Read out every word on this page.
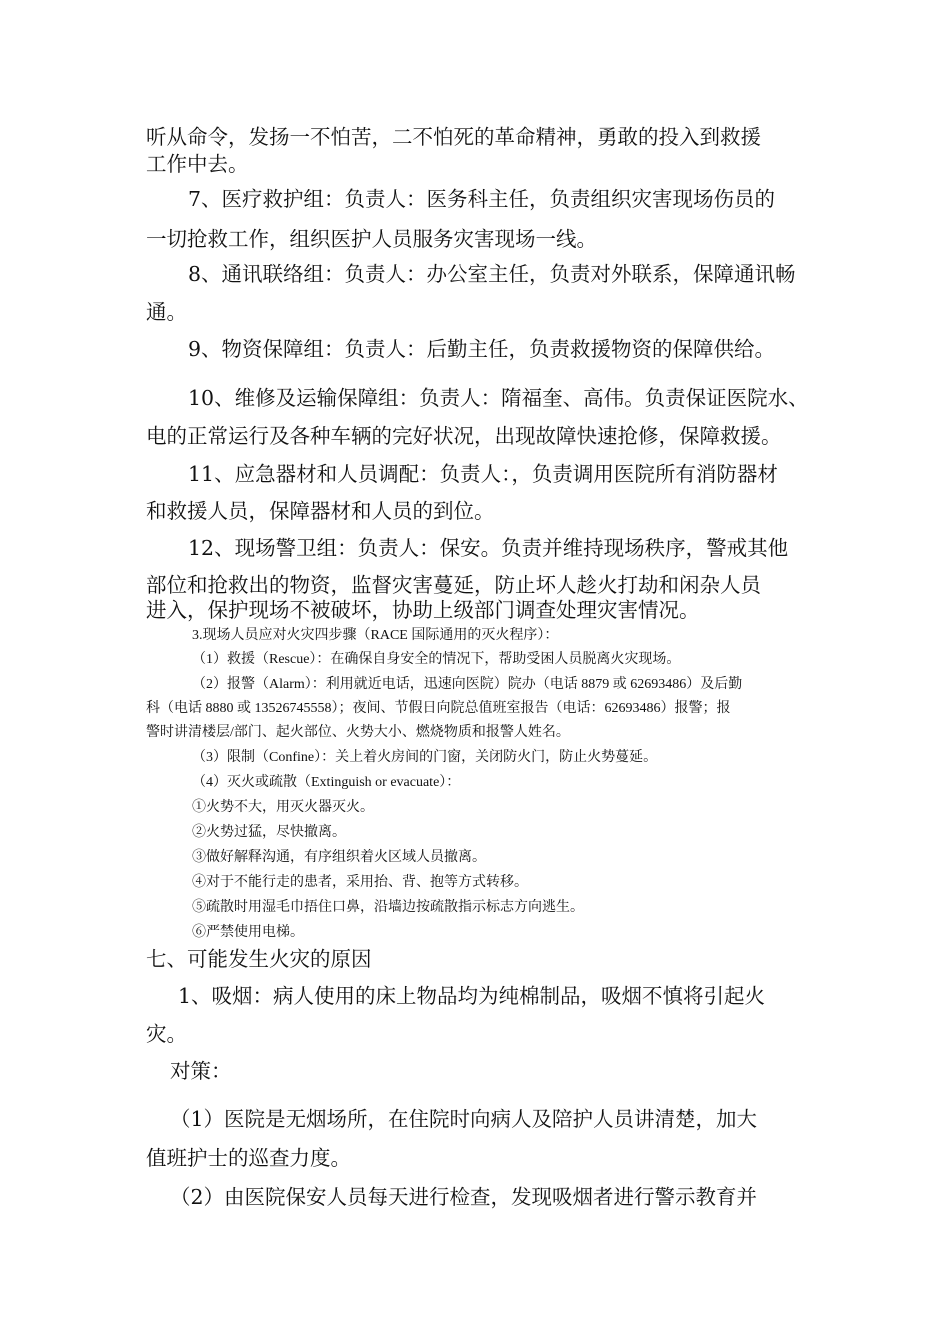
听从命令，发扬一不怕苦，二不怕死的革命精神，勇敢的投入到救援

工作中去。

7、医疗救护组：负责人：医务科主任，负责组织灾害现场伤员的

一切抢救工作，组织医护人员服务灾害现场一线。

8、通讯联络组：负责人：办公室主任，负责对外联系，保障通讯畅

通。

9、物资保障组：负责人：后勤主任，负责救援物资的保障供给。

10、维修及运输保障组：负责人：隋福奎、高伟。负责保证医院水、

电的正常运行及各种车辆的完好状况，出现故障快速抢修，保障救援。

11、应急器材和人员调配：负责人：，负责调用医院所有消防器材

和救援人员，保障器材和人员的到位。

12、现场警卫组：负责人：保安。负责并维持现场秩序，警戒其他

部位和抢救出的物资，监督灾害蔓延，防止坏人趁火打劫和闲杂人员

进入，保护现场不被破坏，协助上级部门调查处理灾害情况。

3.现场人员应对火灾四步骤（RACE 国际通用的灭火程序）：

（1）救援（Rescue）：在确保自身安全的情况下，帮助受困人员脱离火灾现场。

（2）报警（Alarm）：利用就近电话，迅速向医院）院办（电话 8879 或 62693486）及后勤

科（电话 8880 或 13526745558）；夜间、节假日向院总值班室报告（电话：62693486）报警；报

警时讲清楼层/部门、起火部位、火势大小、燃烧物质和报警人姓名。

（3）限制（Confine）：关上着火房间的门窗，关闭防火门，防止火势蔓延。

（4）灭火或疏散（Extinguish or evacuate）：

①火势不大，用灭火器灭火。

②火势过猛，尽快撤离。

③做好解释沟通，有序组织着火区域人员撤离。

④对于不能行走的患者，采用抬、背、抱等方式转移。

⑤疏散时用湿毛巾捂住口鼻，沿墙边按疏散指示标志方向逃生。

⑥严禁使用电梯。

七、可能发生火灾的原因

1、吸烟：病人使用的床上物品均为纯棉制品，吸烟不慎将引起火

灾。

对策：

（1）医院是无烟场所，在住院时向病人及陪护人员讲清楚，加大

值班护士的巡查力度。

（2）由医院保安人员每天进行检查，发现吸烟者进行警示教育并
